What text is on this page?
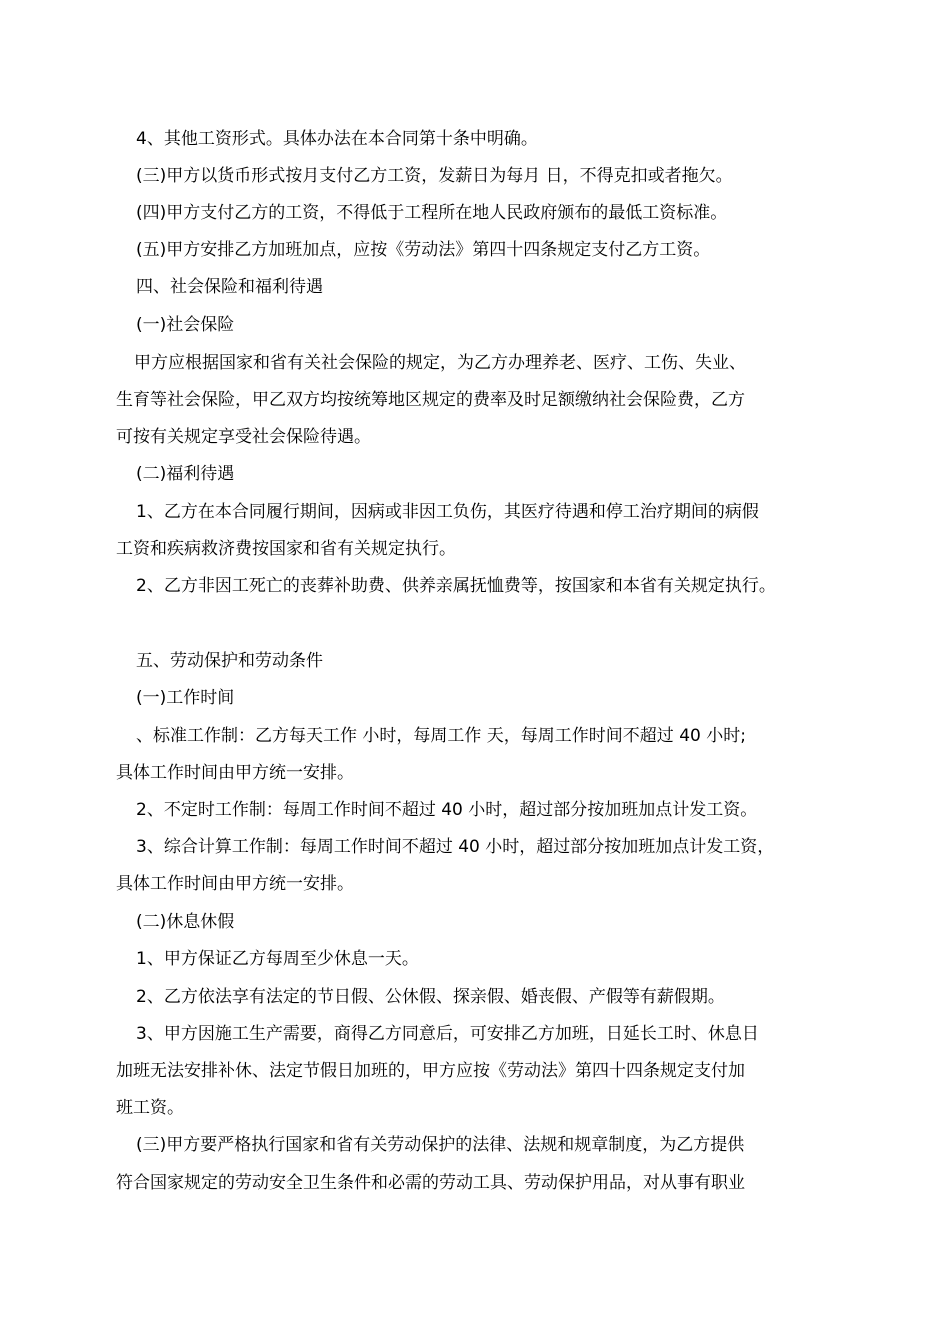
4、其他工资形式。具体办法在本合同第十条中明确。
(三)甲方以货币形式按月支付乙方工资，发薪日为每月 日，不得克扣或者拖欠。
(四)甲方支付乙方的工资，不得低于工程所在地人民政府颁布的最低工资标准。
(五)甲方安排乙方加班加点，应按《劳动法》第四十四条规定支付乙方工资。
四、社会保险和福利待遇
(一)社会保险
甲方应根据国家和省有关社会保险的规定，为乙方办理养老、医疗、工伤、失业、
生育等社会保险，甲乙双方均按统筹地区规定的费率及时足额缴纳社会保险费，乙方
可按有关规定享受社会保险待遇。
(二)福利待遇
1、乙方在本合同履行期间，因病或非因工负伤，其医疗待遇和停工治疗期间的病假
工资和疾病救济费按国家和省有关规定执行。
2、乙方非因工死亡的丧葬补助费、供养亲属抚恤费等，按国家和本省有关规定执行。
五、劳动保护和劳动条件
(一)工作时间
、标准工作制：乙方每天工作 小时，每周工作 天，每周工作时间不超过 40 小时;
具体工作时间由甲方统一安排。
2、不定时工作制：每周工作时间不超过 40 小时，超过部分按加班加点计发工资。
3、综合计算工作制：每周工作时间不超过 40 小时，超过部分按加班加点计发工资，
具体工作时间由甲方统一安排。
(二)休息休假
1、甲方保证乙方每周至少休息一天。
2、乙方依法享有法定的节日假、公休假、探亲假、婚丧假、产假等有薪假期。
3、甲方因施工生产需要，商得乙方同意后，可安排乙方加班，日延长工时、休息日
加班无法安排补休、法定节假日加班的，甲方应按《劳动法》第四十四条规定支付加
班工资。
(三)甲方要严格执行国家和省有关劳动保护的法律、法规和规章制度，为乙方提供
符合国家规定的劳动安全卫生条件和必需的劳动工具、劳动保护用品，对从事有职业
